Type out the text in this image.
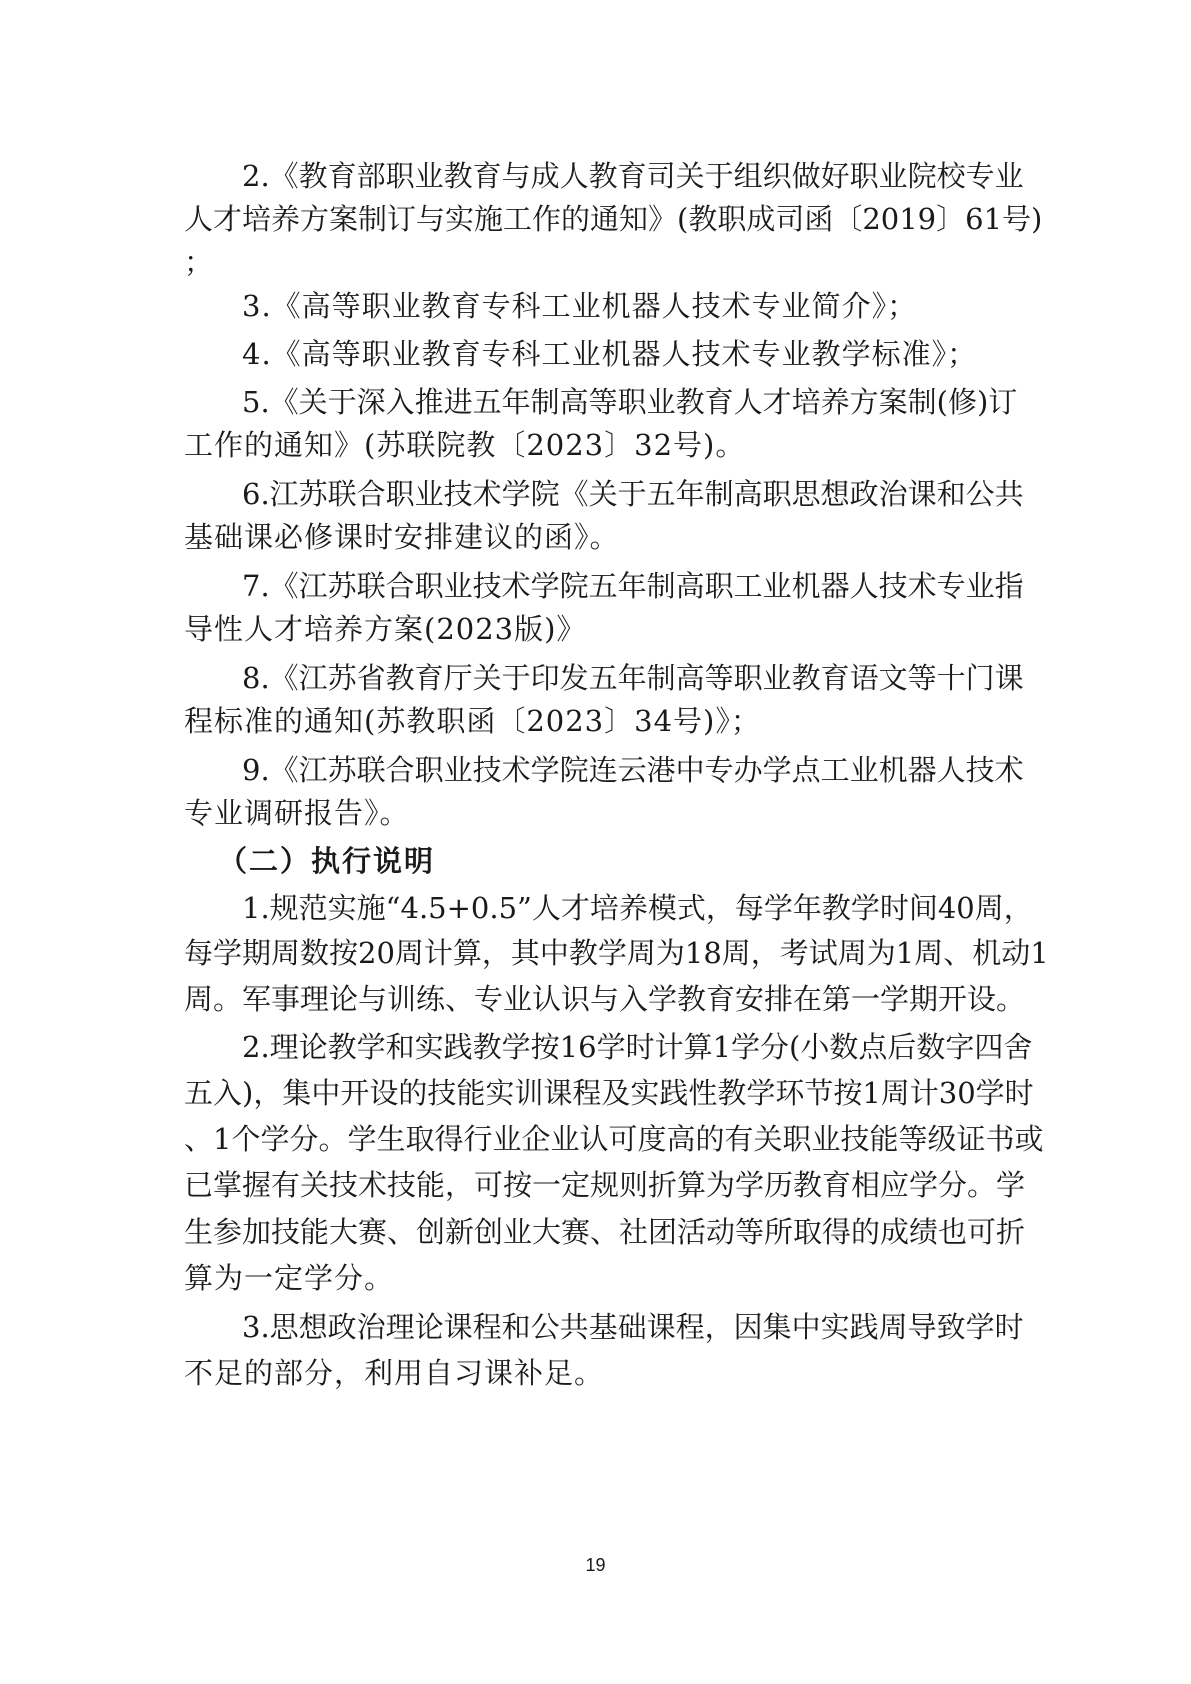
2.《教育部职业教育与成人教育司关于组织做好职业院校专业
人才培养方案制订与实施工作的通知》(教职成司函〔2019〕61号)
；
3.《高等职业教育专科工业机器人技术专业简介》；
4.《高等职业教育专科工业机器人技术专业教学标准》；
5.《关于深入推进五年制高等职业教育人才培养方案制(修)订
工作的通知》(苏联院教〔2023〕32号)。
6.江苏联合职业技术学院《关于五年制高职思想政治课和公共
基础课必修课时安排建议的函》。
7.《江苏联合职业技术学院五年制高职工业机器人技术专业指
导性人才培养方案(2023版)》
8.《江苏省教育厅关于印发五年制高等职业教育语文等十门课
程标准的通知(苏教职函〔2023〕34号)》；
9.《江苏联合职业技术学院连云港中专办学点工业机器人技术
专业调研报告》。
（二）执行说明
1.规范实施“4.5+0.5”人才培养模式，每学年教学时间40周，
每学期周数按20周计算，其中教学周为18周，考试周为1周、机动1
周。军事理论与训练、专业认识与入学教育安排在第一学期开设。
2.理论教学和实践教学按16学时计算1学分(小数点后数字四舍
五入)，集中开设的技能实训课程及实践性教学环节按1周计30学时
、1个学分。学生取得行业企业认可度高的有关职业技能等级证书或
已掌握有关技术技能，可按一定规则折算为学历教育相应学分。学
生参加技能大赛、创新创业大赛、社团活动等所取得的成绩也可折
算为一定学分。
3.思想政治理论课程和公共基础课程，因集中实践周导致学时
不足的部分，利用自习课补足。
19
